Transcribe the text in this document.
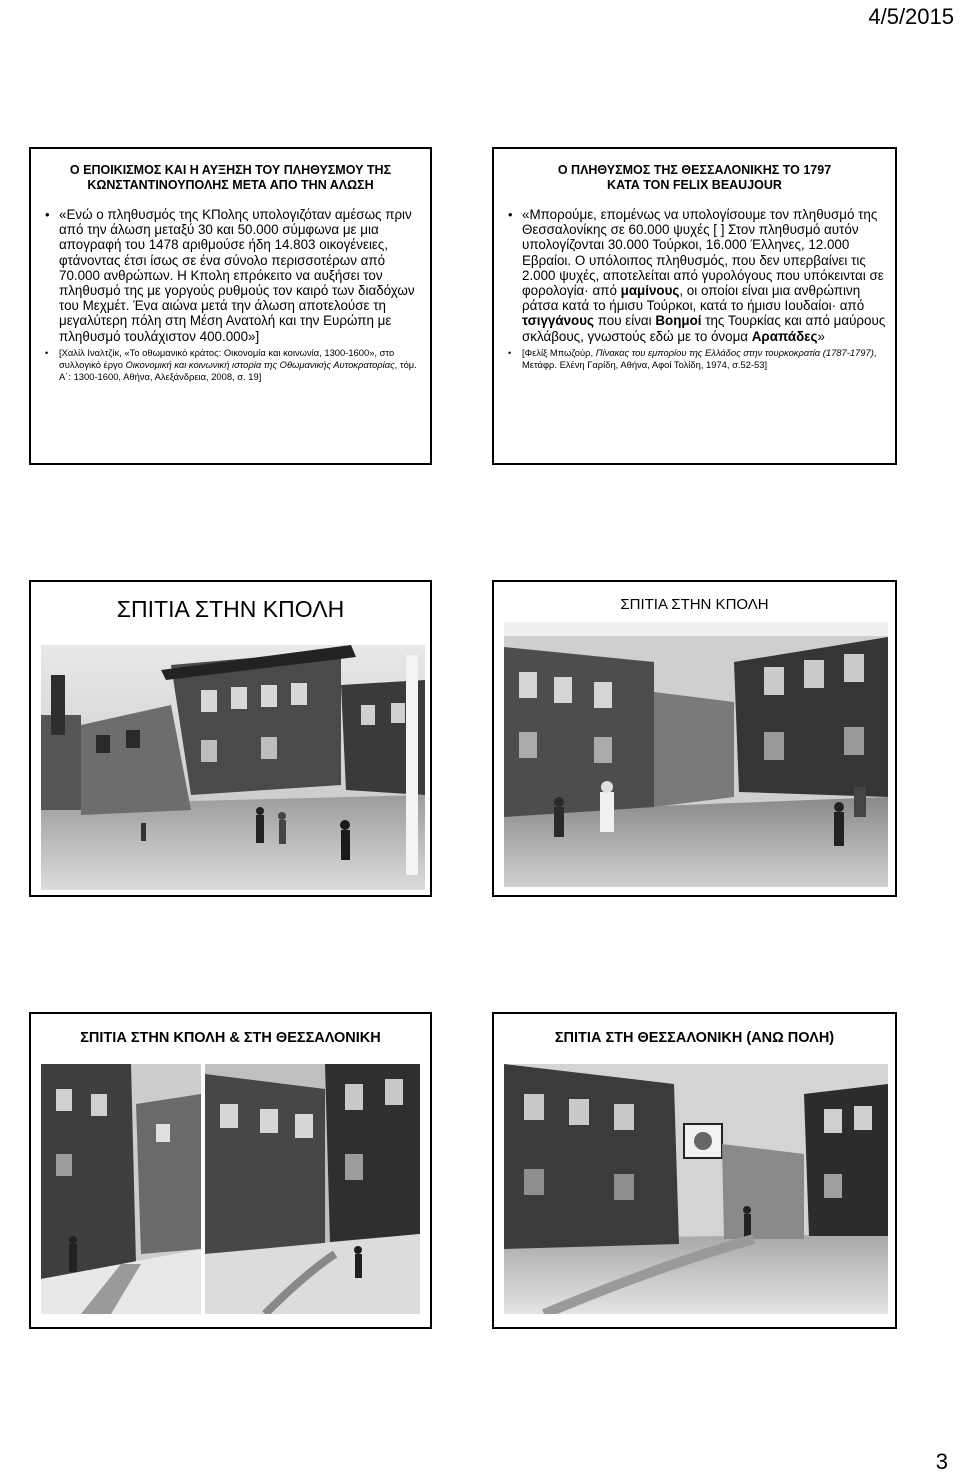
4/5/2015
Ο ΕΠΟΙΚΙΣΜΟΣ ΚΑΙ Η ΑΥΞΗΣΗ ΤΟΥ ΠΛΗΘΥΣΜΟΥ ΤΗΣ
ΚΩΝΣΤΑΝΤΙΝΟΥΠΟΛΗΣ ΜΕΤΑ ΑΠΟ ΤΗΝ ΑΛΩΣΗ
• «Ενώ ο πληθυσμός της ΚΠολης υπολογιζόταν αμέσως πριν από την άλωση μεταξύ 30 και 50.000 σύμφωνα με μια απογραφή του 1478 αριθμούσε ήδη 14.803 οικογένειες, φτάνοντας έτσι ίσως σε ένα σύνολο περισσοτέρων από 70.000 ανθρώπων. Η Κπολη επρόκειτο να αυξήσει τον πληθυσμό της με γοργούς ρυθμούς τον καιρό των διαδόχων του Μεχμέτ. Ένα αιώνα μετά την άλωση αποτελούσε τη μεγαλύτερη πόλη στη Μέση Ανατολή και την Ευρώπη με πληθυσμό τουλάχιστον 400.000»]
•	[Χαλίλ Ιναλτζίκ, «Το οθωμανικό κράτος: Οικονομία και κοινωνία, 1300-1600», στο συλλογικό έργο Οικονομική και κοινωνική ιστορία της Οθωμανικής Αυτοκρατορίας, τόμ. Α΄: 1300-1600, Αθήνα, Αλεξάνδρεια, 2008, σ. 19]
Ο ΠΛΗΘΥΣΜΟΣ ΤΗΣ ΘΕΣΣΑΛΟΝΙΚΗΣ ΤΟ 1797
ΚΑΤΑ ΤΟΝ FELIX BEAUJOUR
• «Μπορούμε, επομένως να υπολογίσουμε τον πληθυσμό της Θεσσαλονίκης σε 60.000 ψυχές [ ] Στον πληθυσμό αυτόν υπολογίζονται 30.000 Τούρκοι, 16.000 Έλληνες, 12.000 Εβραίοι. Ο υπόλοιπος πληθυσμός, που δεν υπερβαίνει τις 2.000 ψυχές, αποτελείται από γυρολόγους που υπόκεινται σε φορολογία· από μαμίνους, οι οποίοι είναι μια ανθρώπινη ράτσα κατά το ήμισυ Τούρκοι, κατά το ήμισυ Ιουδαίοι· από τσιγγάνους που είναι Βοημοί της Τουρκίας και από μαύρους σκλάβους, γνωστούς εδώ με το όνομα Αραπάδες»
•	[Φελίξ Μπωζούρ, Πίνακας του εμπορίου της Ελλάδος στην τουρκοκρατία (1787-1797), Μετάφρ. Ελένη Γαρίδη, Αθήνα, Αφοί Τολίδη, 1974, σ.52-53]
ΣΠΙΤΙΑ ΣΤΗΝ ΚΠΟΛΗ	ΣΠΙΤΙΑ ΣΤΗΝ ΚΠΟΛΗ
ΣΠΙΤΙΑ ΣΤΗΝ ΚΠΟΛΗ & ΣΤΗ ΘΕΣΣΑΛΟΝΙΚΗ	ΣΠΙΤΙΑ ΣΤΗ ΘΕΣΣΑΛΟΝΙΚΗ (ΑΝΩ ΠΟΛΗ)
3
